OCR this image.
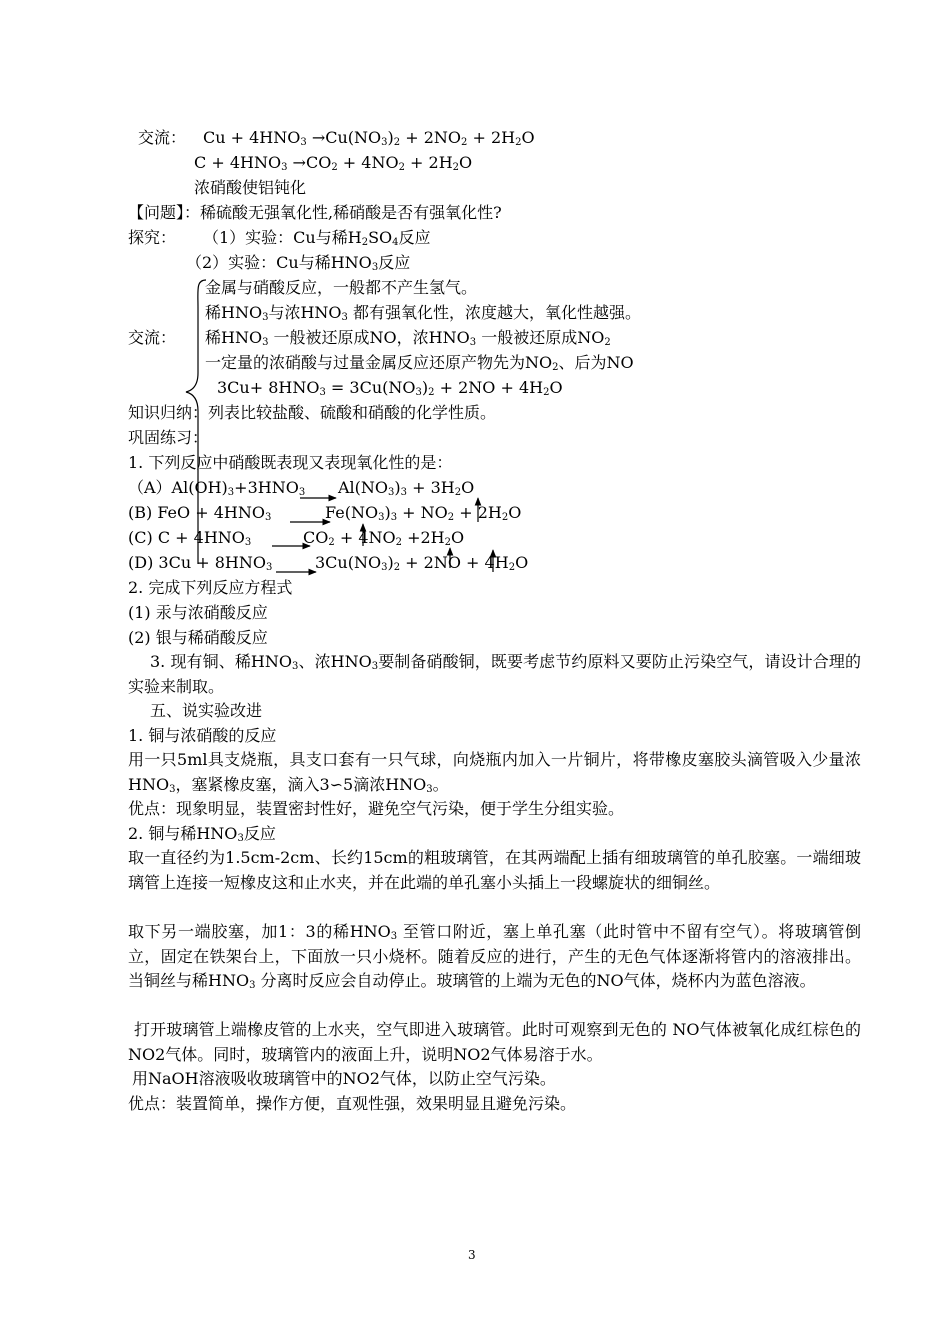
交流： $Cu + 4HNO_3 \to Cu(NO_3)_2 + 2NO_2 + 2H_2O$
$C + 4HNO_3 \to CO_2 + 4NO_2 + 2H_2O$
浓硝酸使铝钝化
【问题】：稀硫酸无强氧化性,稀硝酸是否有强氧化性?
探究： （1）实验：Cu与稀$H_2SO_4$反应
（2）实验：Cu与稀$HNO_3$反应
金属与硝酸反应，一般都不产生氢气。
稀$HNO_3$与浓$HNO_3$ 都有强氧化性，浓度越大，氧化性越强。
交流： 稀$HNO_3$ 一般被还原成NO，浓$HNO_3$ 一般被还原成$NO_2$
一定量的浓硝酸与过量金属反应还原产物先为$NO_2$、后为NO
$3Cu+ 8HNO_3 = 3Cu(NO_3)_2 + 2NO + 4H_2O$
知识归纳：列表比较盐酸、硫酸和硝酸的化学性质。
巩固练习：
1. 下列反应中硝酸既表现又表现氧化性的是：
$(A)Al(OH)_3+3HNO_3$ $Al(NO_3)_3 + 3H_2O$
(B) FeO + $4HNO_3$	$Fe(NO_3)_3 + NO_2 + 2H_2O$
(C) $C + 4HNO_3$	$CO_2 + 4NO_2 +2H_2O$
(D) $3Cu + 8HNO_3$	$3Cu(NO_3)_2 + 2NO + 4H_2O$
2. 完成下列反应方程式
(1) 汞与浓硝酸反应
(2) 银与稀硝酸反应
3. 现有铜、稀$HNO_3$、浓$HNO_3$要制备硝酸铜，既要考虑节约原料又要防止污染空气，请设计合理的实验来制取。
五、说实验改进
1. 铜与浓硝酸的反应
用一只5ml具支烧瓶，具支口套有一只气球，向烧瓶内加入一片铜片，将带橡皮塞胶头滴管吸入少量浓$HNO_3$，塞紧橡皮塞，滴入3∽5滴浓$HNO_3$。
优点：现象明显，装置密封性好，避免空气污染，便于学生分组实验。
2. 铜与稀$HNO_3$反应
取一直径约为1.5cm-2cm、长约15cm的粗玻璃管，在其两端配上插有细玻璃管的单孔胶塞。一端细玻璃管上连接一短橡皮这和止水夹，并在此端的单孔塞小头插上一段螺旋状的细铜丝。
取下另一端胶塞，加1：3的稀$HNO_3$ 至管口附近，塞上单孔塞（此时管中不留有空气）。将玻璃管倒立，固定在铁架台上，下面放一只小烧杯。随着反应的进行，产生的无色气体逐渐将管内的溶液排出。当铜丝与稀$HNO_3$ 分离时反应会自动停止。玻璃管的上端为无色的NO气体，烧杯内为蓝色溶液。
打开玻璃管上端橡皮管的上水夹，空气即进入玻璃管。此时可观察到无色的 NO气体被氧化成红棕色的NO2气体。同时，玻璃管内的液面上升，说明NO2气体易溶于水。
用NaOH溶液吸收玻璃管中的NO2气体，以防止空气污染。
优点：装置简单，操作方便，直观性强，效果明显且避免污染。
3
